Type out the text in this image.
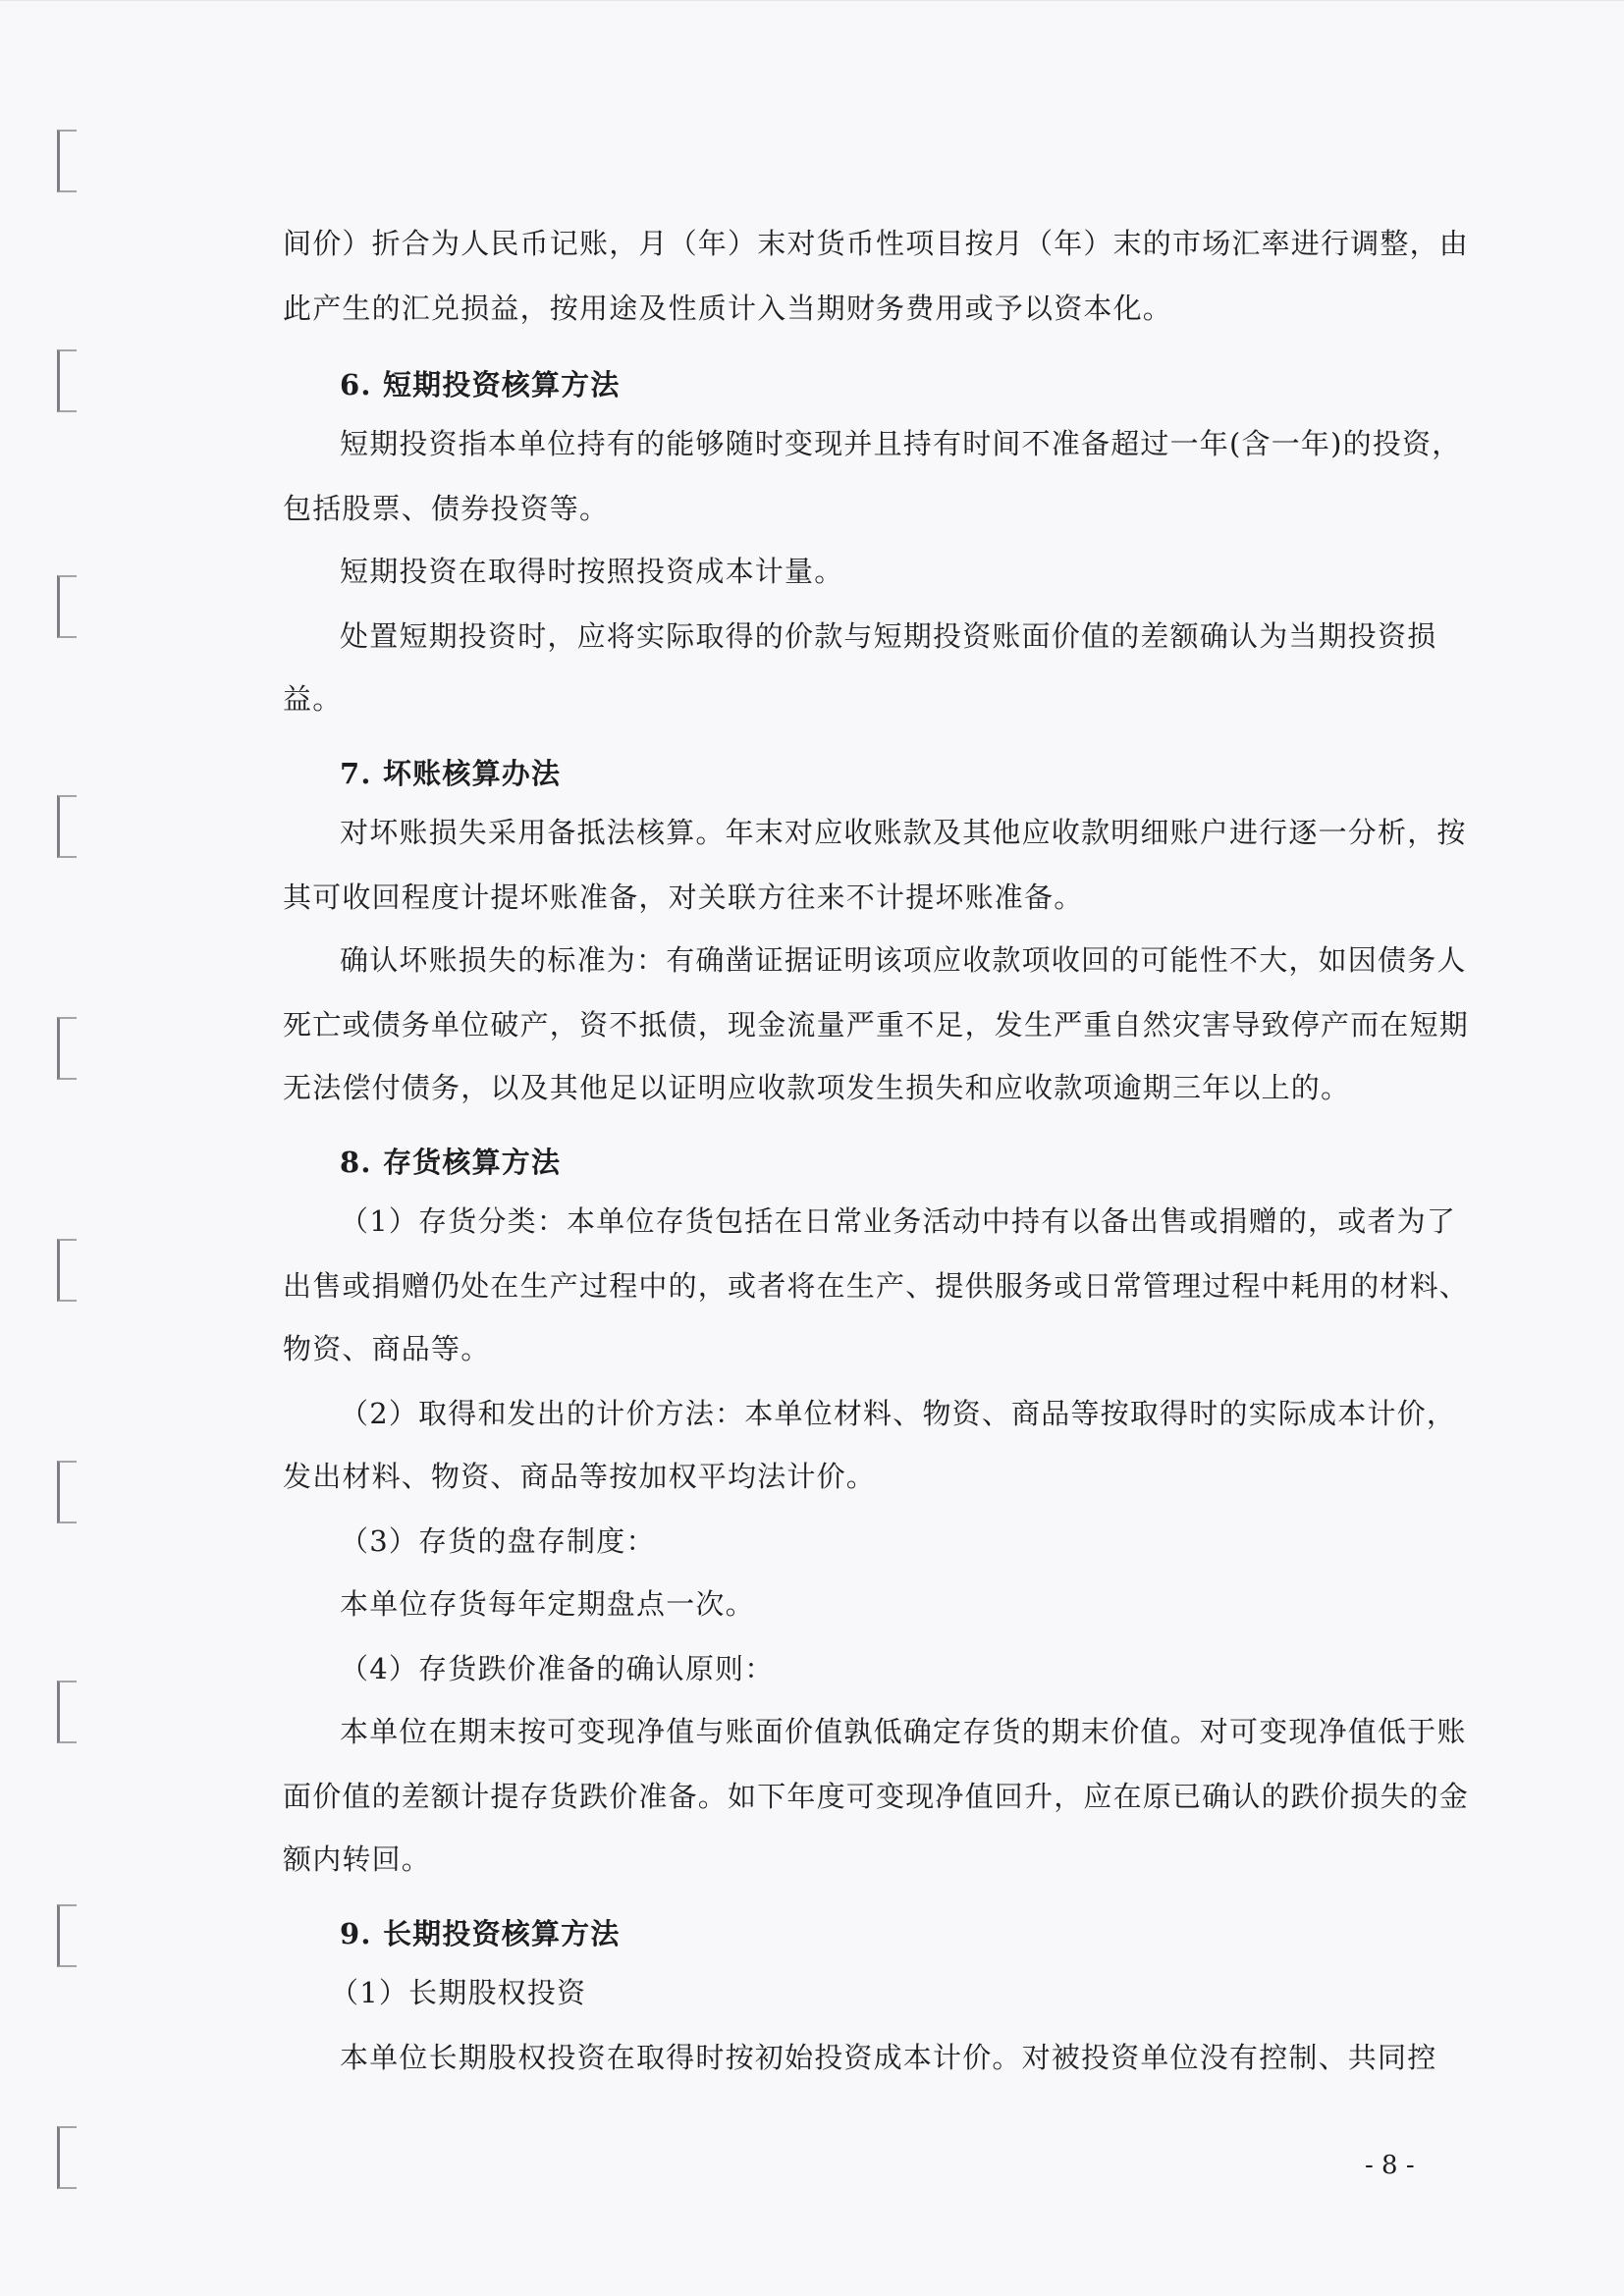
间价）折合为人民币记账，月（年）末对货币性项目按月（年）末的市场汇率进行调整，由
此产生的汇兑损益，按用途及性质计入当期财务费用或予以资本化。
6. 短期投资核算方法
短期投资指本单位持有的能够随时变现并且持有时间不准备超过一年(含一年)的投资，
包括股票、债券投资等。
短期投资在取得时按照投资成本计量。
处置短期投资时，应将实际取得的价款与短期投资账面价值的差额确认为当期投资损
益。
7. 坏账核算办法
对坏账损失采用备抵法核算。年末对应收账款及其他应收款明细账户进行逐一分析，按
其可收回程度计提坏账准备，对关联方往来不计提坏账准备。
确认坏账损失的标准为：有确凿证据证明该项应收款项收回的可能性不大，如因债务人
死亡或债务单位破产，资不抵债，现金流量严重不足，发生严重自然灾害导致停产而在短期
无法偿付债务，以及其他足以证明应收款项发生损失和应收款项逾期三年以上的。
8. 存货核算方法
（1）存货分类：本单位存货包括在日常业务活动中持有以备出售或捐赠的，或者为了
出售或捐赠仍处在生产过程中的，或者将在生产、提供服务或日常管理过程中耗用的材料、
物资、商品等。
（2）取得和发出的计价方法：本单位材料、物资、商品等按取得时的实际成本计价，
发出材料、物资、商品等按加权平均法计价。
（3）存货的盘存制度：
本单位存货每年定期盘点一次。
（4）存货跌价准备的确认原则：
本单位在期末按可变现净值与账面价值孰低确定存货的期末价值。对可变现净值低于账
面价值的差额计提存货跌价准备。如下年度可变现净值回升，应在原已确认的跌价损失的金
额内转回。
9. 长期投资核算方法
（1）长期股权投资
本单位长期股权投资在取得时按初始投资成本计价。对被投资单位没有控制、共同控
- 8 -
